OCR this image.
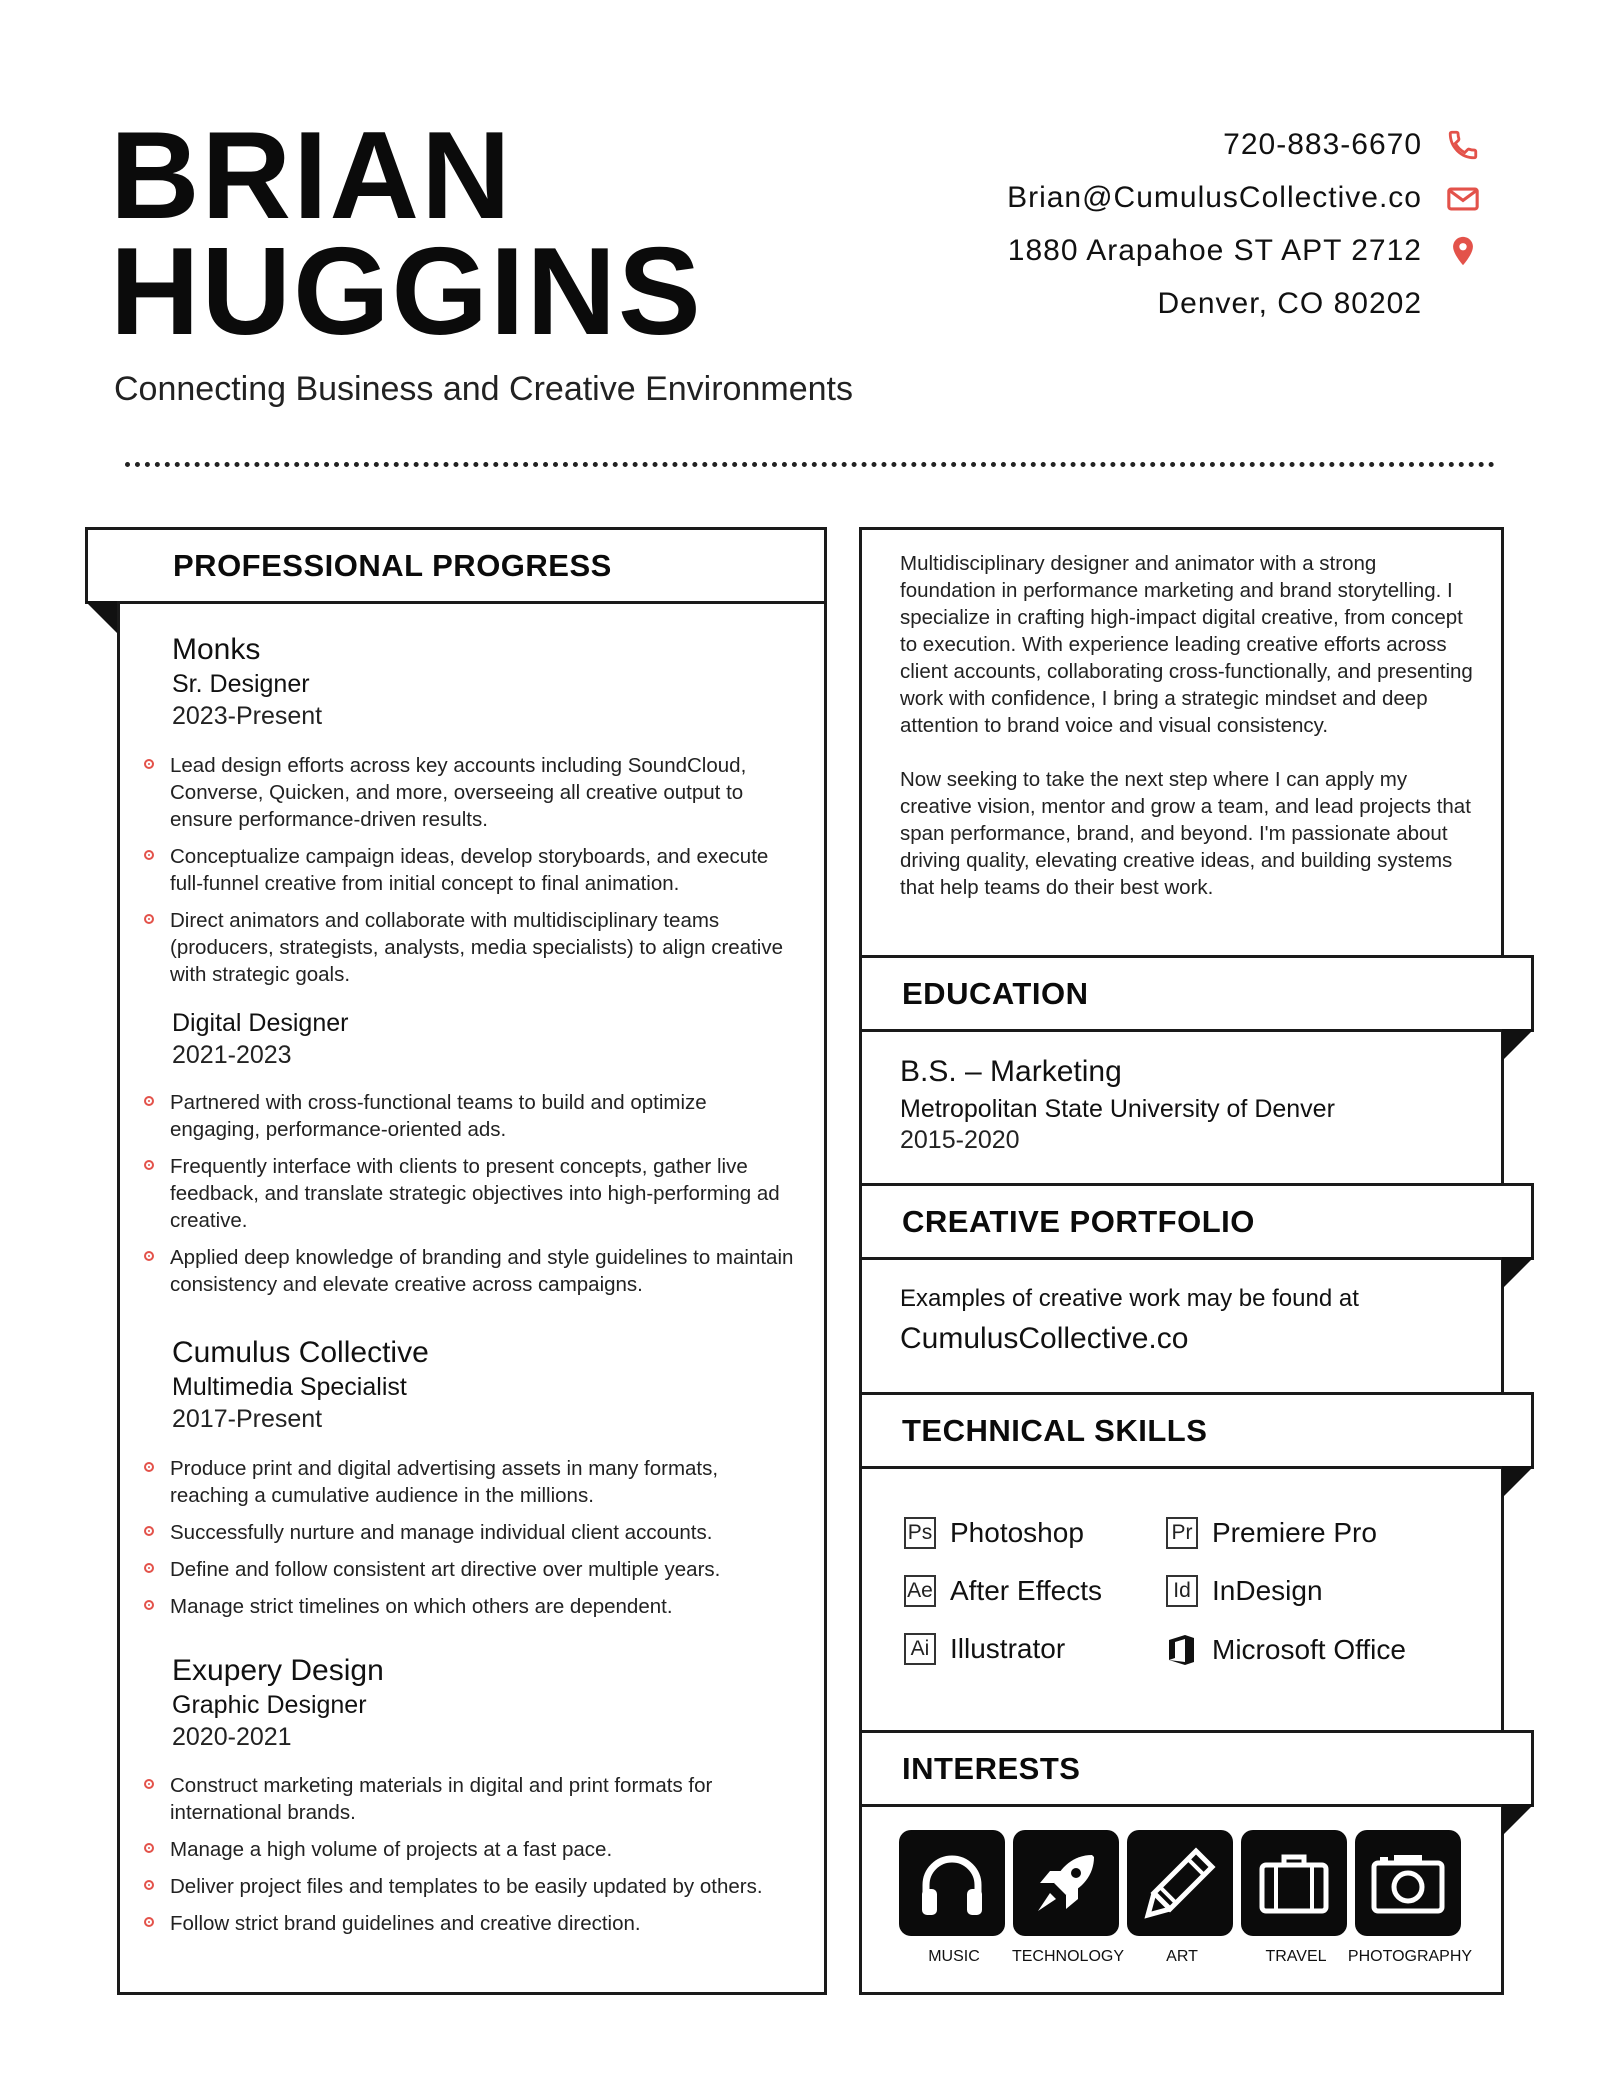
BRIAN
HUGGINS
Connecting Business and Creative Environments
720-883-6670
Brian@CumulusCollective.co
1880 Arapahoe ST APT 2712
Denver, CO 80202
PROFESSIONAL PROGRESS
Monks
Sr. Designer
2023-Present
Lead design efforts across key accounts including SoundCloud, Converse, Quicken, and more, overseeing all creative output to ensure performance-driven results.
Conceptualize campaign ideas, develop storyboards, and execute full-funnel creative from initial concept to final animation.
Direct animators and collaborate with multidisciplinary teams (producers, strategists, analysts, media specialists) to align creative with strategic goals.
Digital Designer
2021-2023
Partnered with cross-functional teams to build and optimize engaging, performance-oriented ads.
Frequently interface with clients to present concepts, gather live feedback, and translate strategic objectives into high-performing ad creative.
Applied deep knowledge of branding and style guidelines to maintain consistency and elevate creative across campaigns.
Cumulus Collective
Multimedia Specialist
2017-Present
Produce print and digital advertising assets in many formats, reaching a cumulative audience in the millions.
Successfully nurture and manage individual client accounts.
Define and follow consistent art directive over multiple years.
Manage strict timelines on which others are dependent.
Exupery Design
Graphic Designer
2020-2021
Construct marketing materials in digital and print formats for international brands.
Manage a high volume of projects at a fast pace.
Deliver project files and templates to be easily updated by others.
Follow strict brand guidelines and creative direction.

Multidisciplinary designer and animator with a strong foundation in performance marketing and brand storytelling. I specialize in crafting high-impact digital creative, from concept to execution. With experience leading creative efforts across client accounts, collaborating cross-functionally, and presenting work with confidence, I bring a strategic mindset and deep attention to brand voice and visual consistency.

Now seeking to take the next step where I can apply my creative vision, mentor and grow a team, and lead projects that span performance, brand, and beyond. I'm passionate about driving quality, elevating creative ideas, and building systems that help teams do their best work.

EDUCATION
B.S. – Marketing
Metropolitan State University of Denver
2015-2020
CREATIVE PORTFOLIO
Examples of creative work may be found at
CumulusCollective.co
TECHNICAL SKILLS
Ps Photoshop	Pr Premiere Pro
Ae After Effects	Id InDesign
Ai Illustrator	Microsoft Office
INTERESTS
MUSIC	TECHNOLOGY	ART	TRAVEL	PHOTOGRAPHY
